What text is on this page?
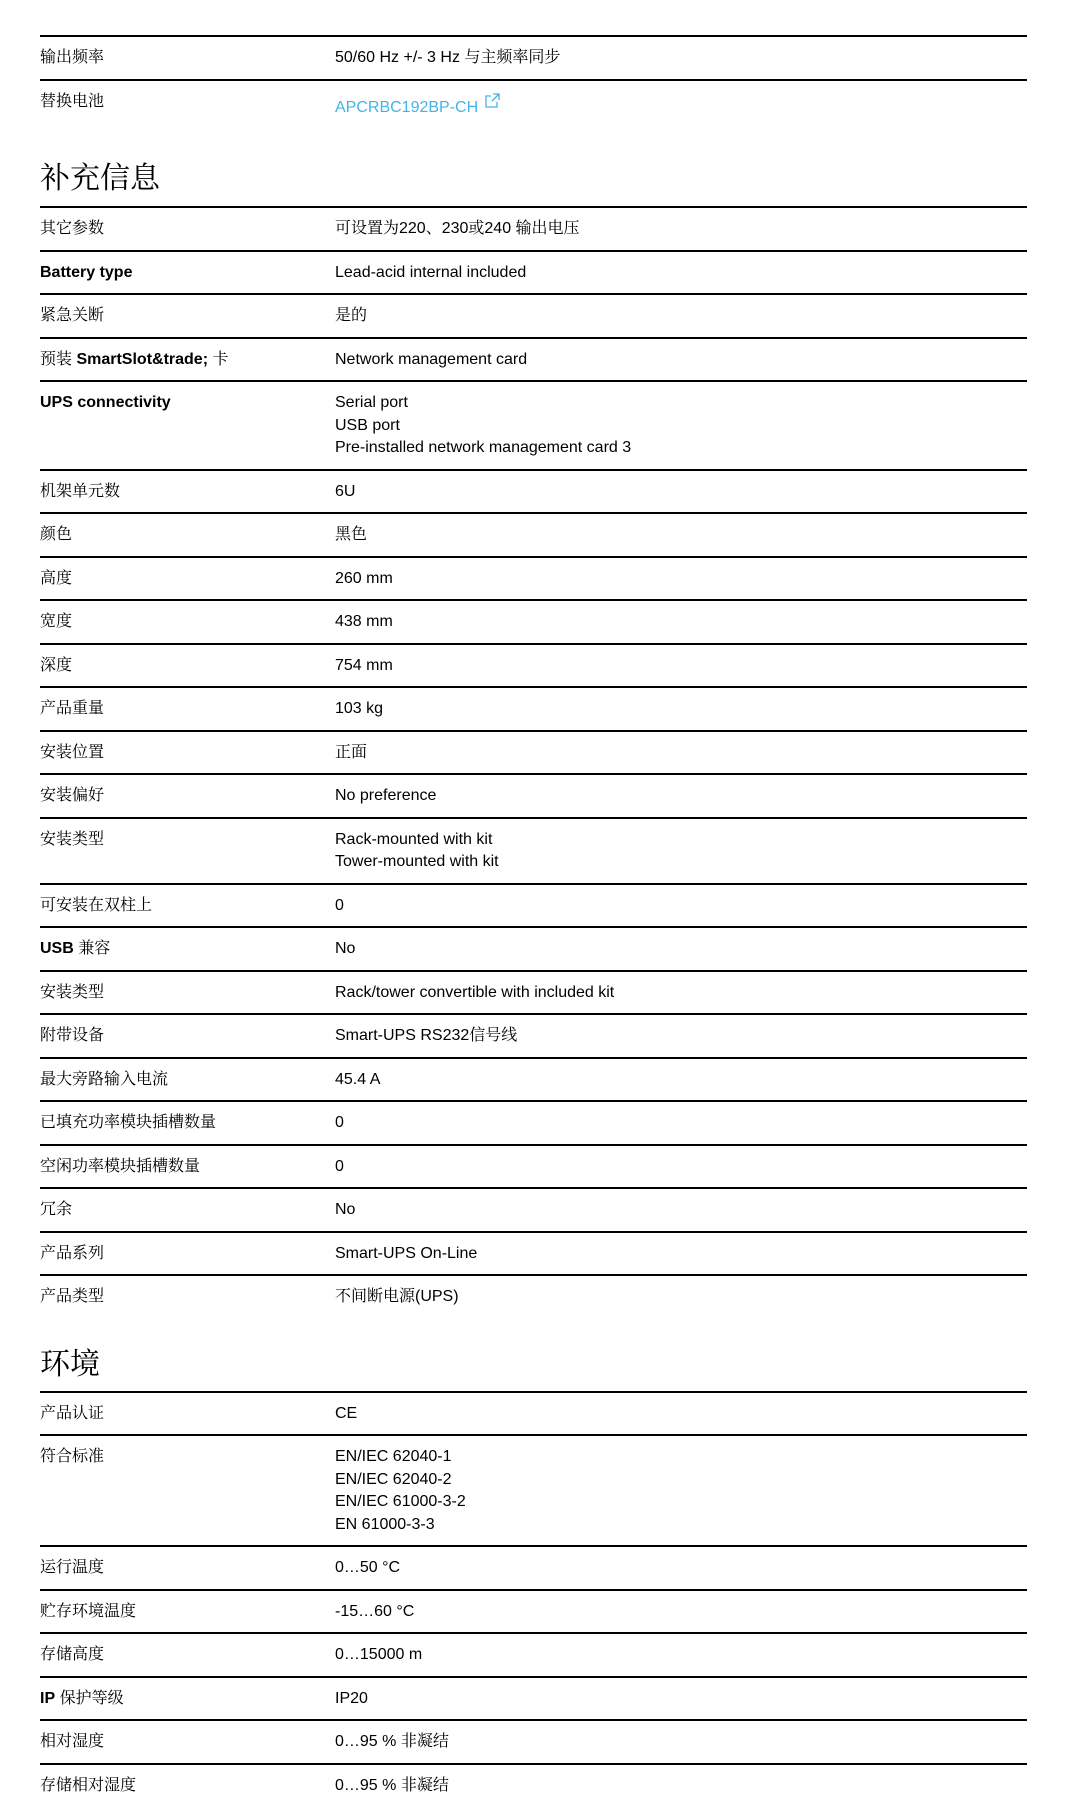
输出频率	50/60 Hz +/- 3 Hz 与主频率同步
替换电池	APCRBC192BP-CH
补充信息
其它参数	可设置为220、230或240 输出电压
Battery type	Lead-acid internal included
紧急关断	是的
预装 SmartSlot&trade; 卡	Network management card
UPS connectivity	Serial port
USB port
Pre-installed network management card 3
机架单元数	6U
颜色	黑色
高度	260 mm
宽度	438 mm
深度	754 mm
产品重量	103 kg
安装位置	正面
安装偏好	No preference
安装类型	Rack-mounted with kit
Tower-mounted with kit
可安装在双柱上	0
USB 兼容	No
安装类型	Rack/tower convertible with included kit
附带设备	Smart-UPS RS232信号线
最大旁路输入电流	45.4 A
已填充功率模块插槽数量	0
空闲功率模块插槽数量	0
冗余	No
产品系列	Smart-UPS On-Line
产品类型	不间断电源(UPS)
环境
产品认证	CE
符合标准	EN/IEC 62040-1
EN/IEC 62040-2
EN/IEC 61000-3-2
EN 61000-3-3
运行温度	0…50 °C
贮存环境温度	-15…60 °C
存储高度	0…15000 m
IP 保护等级	IP20
相对湿度	0…95 % 非凝结
存储相对湿度	0…95 % 非凝结
